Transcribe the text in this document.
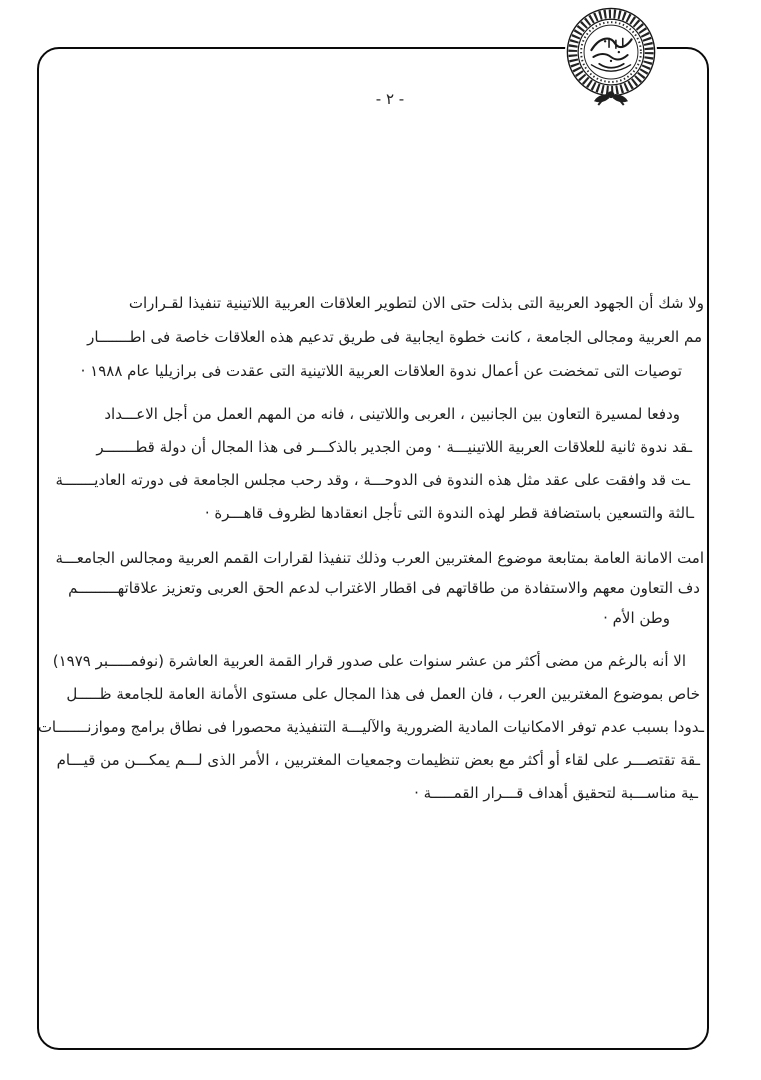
- ٢ -
ولا شك أن الجهود العربية التى بذلت حتى الان لتطوير العلاقات العربية اللاتينية تنفيذا لقـرارات
مم العربية ومجالى الجامعة ، كانت خطوة ايجابية فى طريق تدعيم هذه العلاقات خاصة فى اطـــــــار
توصيات التى تمخضت عن أعمال ندوة العلاقات العربية اللاتينية التى عقدت فى برازيليا عام ١٩٨٨ ·
ودفعا لمسيرة التعاون بين الجانبين ، العربى واللاتينى ، فانه من المهم العمل من أجل الاعـــداد
ـقد ندوة ثانية للعلاقات العربية اللاتينيـــة · ومن الجدير بالذكـــر فى هذا المجال أن دولة قطـــــــر
ـت قد وافقت على عقد مثل هذه الندوة فى الدوحـــة ، وقد رحب مجلس الجامعة فى دورته العاديـــــــة
ـالثة والتسعين باستضافة قطر لهذه الندوة التى تأجل انعقادها لظروف قاهـــرة ·
امت الامانة العامة بمتابعة موضوع المغتربين العرب وذلك تنفيذا لقرارات القمم العربية ومجالس الجامعـــة
دف التعاون معهم والاستفادة من طاقاتهم فى اقطار الاغتراب لدعم الحق العربى وتعزيز علاقاتهـــــــــم
وطن الأم ·
الا أنه بالرغم من مضى أكثر من عشر سنوات على صدور قرار القمة العربية العاشرة (نوفمـــــبر ١٩٧٩)
خاص بموضوع المغتربين العرب ، فان العمل فى هذا المجال على مستوى الأمانة العامة للجامعة ظـــــل
ـدودا بسبب عدم توفر الامكانيات المادية الضرورية والآليـــة التنفيذية محصورا فى نطاق برامج وموازنـــــــات
ـقة تقتصـــر على لقاء أو أكثر مع بعض تنظيمات وجمعيات المغتربين ، الأمر الذى لـــم يمكـــن من قيـــام
ـية مناســـبة لتحقيق أهداف قـــرار القمـــــة ·
